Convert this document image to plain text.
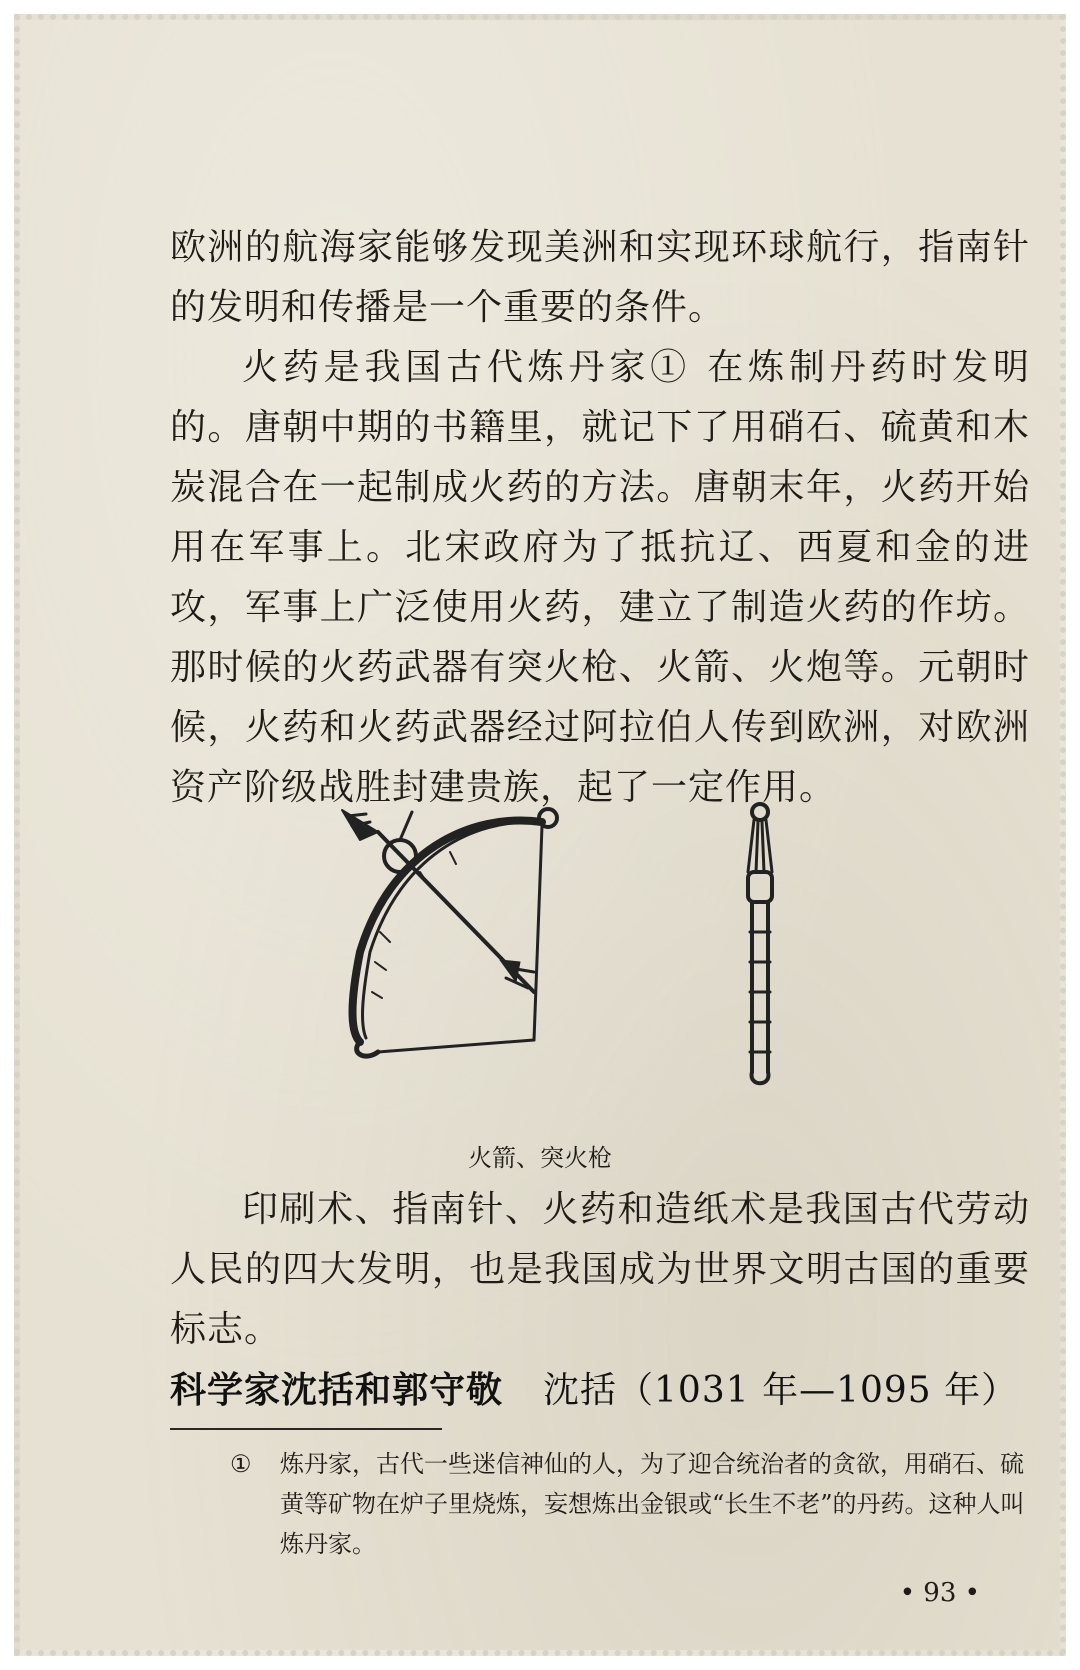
欧洲的航海家能够发现美洲和实现环球航行，指南针的发明和传播是一个重要的条件。
火药是我国古代炼丹家① 在炼制丹药时发明的。唐朝中期的书籍里，就记下了用硝石、硫黄和木炭混合在一起制成火药的方法。唐朝末年，火药开始用在军事上。北宋政府为了抵抗辽、西夏和金的进攻，军事上广泛使用火药，建立了制造火药的作坊。那时候的火药武器有突火枪、火箭、火炮等。元朝时候，火药和火药武器经过阿拉伯人传到欧洲，对欧洲资产阶级战胜封建贵族，起了一定作用。
火箭、突火枪
印刷术、指南针、火药和造纸术是我国古代劳动人民的四大发明，也是我国成为世界文明古国的重要标志。
科学家沈括和郭守敬 沈括（1031 年—1095 年）
① 炼丹家，古代一些迷信神仙的人，为了迎合统治者的贪欲，用硝石、硫黄等矿物在炉子里烧炼，妄想炼出金银或“长生不老”的丹药。这种人叫炼丹家。
• 93 •
